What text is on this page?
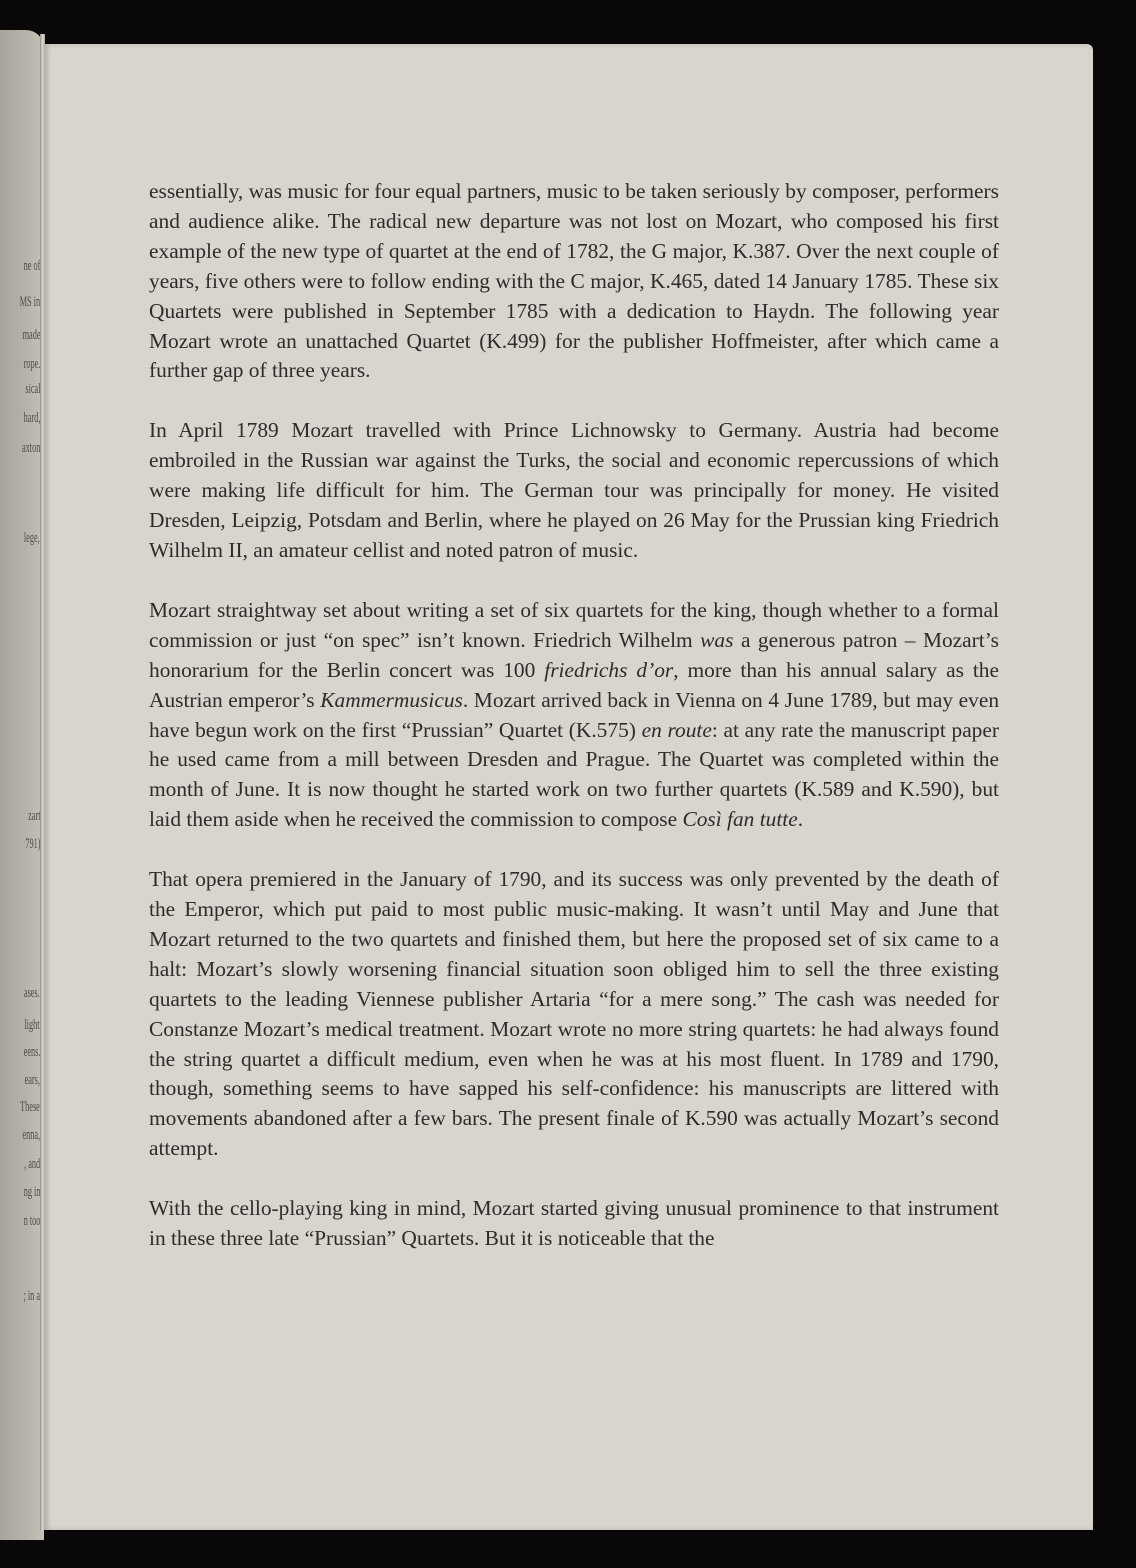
ne of
MS in
made
rope.
sical
hard,
axton
lege,
zart
791)
ases.
light
eens.
ears,
These
enna,
, and
ng in
n too
; in a

essentially, was music for four equal partners, music to be taken seriously by composer, performers and audience alike. The radical new departure was not lost on Mozart, who composed his first example of the new type of quartet at the end of 1782, the G major, K.387. Over the next couple of years, five others were to follow ending with the C major, K.465, dated 14 January 1785. These six Quartets were published in September 1785 with a dedication to Haydn. The following year Mozart wrote an unattached Quartet (K.499) for the publisher Hoffmeister, after which came a further gap of three years.

In April 1789 Mozart travelled with Prince Lichnowsky to Germany. Austria had become embroiled in the Russian war against the Turks, the social and economic repercussions of which were making life difficult for him. The German tour was principally for money. He visited Dresden, Leipzig, Potsdam and Berlin, where he played on 26 May for the Prussian king Friedrich Wilhelm II, an amateur cellist and noted patron of music.

Mozart straightway set about writing a set of six quartets for the king, though whether to a formal commission or just “on spec” isn’t known. Friedrich Wilhelm was a generous patron – Mozart’s honorarium for the Berlin concert was 100 friedrichs d’or, more than his annual salary as the Austrian emperor’s Kammermusicus. Mozart arrived back in Vienna on 4 June 1789, but may even have begun work on the first “Prussian” Quartet (K.575) en route: at any rate the manuscript paper he used came from a mill between Dresden and Prague. The Quartet was completed within the month of June. It is now thought he started work on two further quartets (K.589 and K.590), but laid them aside when he received the commission to compose Così fan tutte.

That opera premiered in the January of 1790, and its success was only prevented by the death of the Emperor, which put paid to most public music-making. It wasn’t until May and June that Mozart returned to the two quartets and finished them, but here the proposed set of six came to a halt: Mozart’s slowly worsening financial situation soon obliged him to sell the three existing quartets to the leading Viennese publisher Artaria “for a mere song.” The cash was needed for Constanze Mozart’s medical treatment. Mozart wrote no more string quartets: he had always found the string quartet a difficult medium, even when he was at his most fluent. In 1789 and 1790, though, something seems to have sapped his self-confidence: his manuscripts are littered with movements abandoned after a few bars. The present finale of K.590 was actually Mozart’s second attempt.

With the cello-playing king in mind, Mozart started giving unusual prominence to that instrument in these three late “Prussian” Quartets. But it is noticeable that the
